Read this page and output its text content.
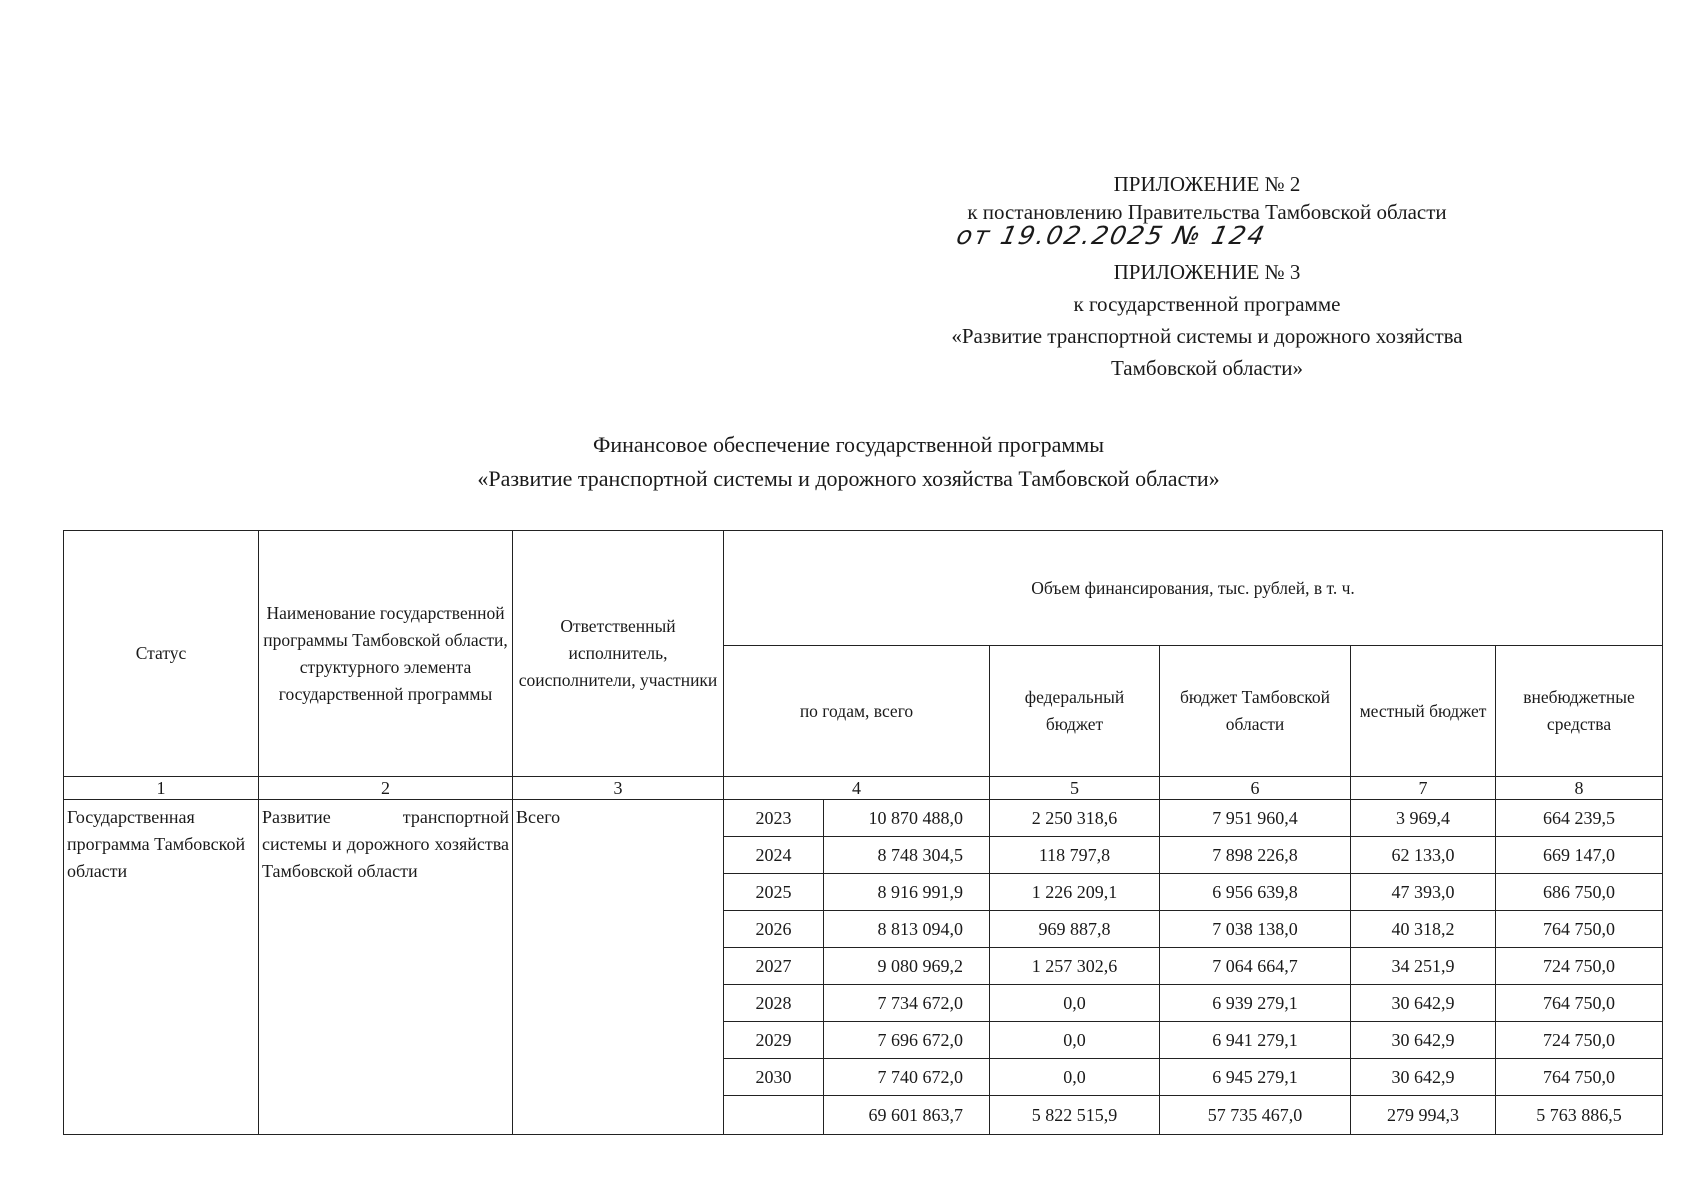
ПРИЛОЖЕНИЕ № 2
к постановлению Правительства Тамбовской области
от 19.02.2025 № 124
ПРИЛОЖЕНИЕ № 3
к государственной программе
«Развитие транспортной системы и дорожного хозяйства
Тамбовской области»
Финансовое обеспечение государственной программы
«Развитие транспортной системы и дорожного хозяйства Тамбовской области»
Статус	Наименование государственной программы Тамбовской области, структурного элемента государственной программы	Ответственный исполнитель, соисполнители, участники	Объем финансирования, тыс. рублей, в т. ч.					
			по годам, всего		федеральный бюджет	бюджет Тамбовской области	местный бюджет	внебюджетные средства
1	2	3	4		5	6	7	8
Государственная программа Тамбовской области	Развитие транспортной системы и дорожного хозяйства Тамбовской области	Всего	2023	10 870 488,0	2 250 318,6	7 951 960,4	3 969,4	664 239,5
			2024	8 748 304,5	118 797,8	7 898 226,8	62 133,0	669 147,0
			2025	8 916 991,9	1 226 209,1	6 956 639,8	47 393,0	686 750,0
			2026	8 813 094,0	969 887,8	7 038 138,0	40 318,2	764 750,0
			2027	9 080 969,2	1 257 302,6	7 064 664,7	34 251,9	724 750,0
			2028	7 734 672,0	0,0	6 939 279,1	30 642,9	764 750,0
			2029	7 696 672,0	0,0	6 941 279,1	30 642,9	724 750,0
			2030	7 740 672,0	0,0	6 945 279,1	30 642,9	764 750,0
				69 601 863,7	5 822 515,9	57 735 467,0	279 994,3	5 763 886,5
